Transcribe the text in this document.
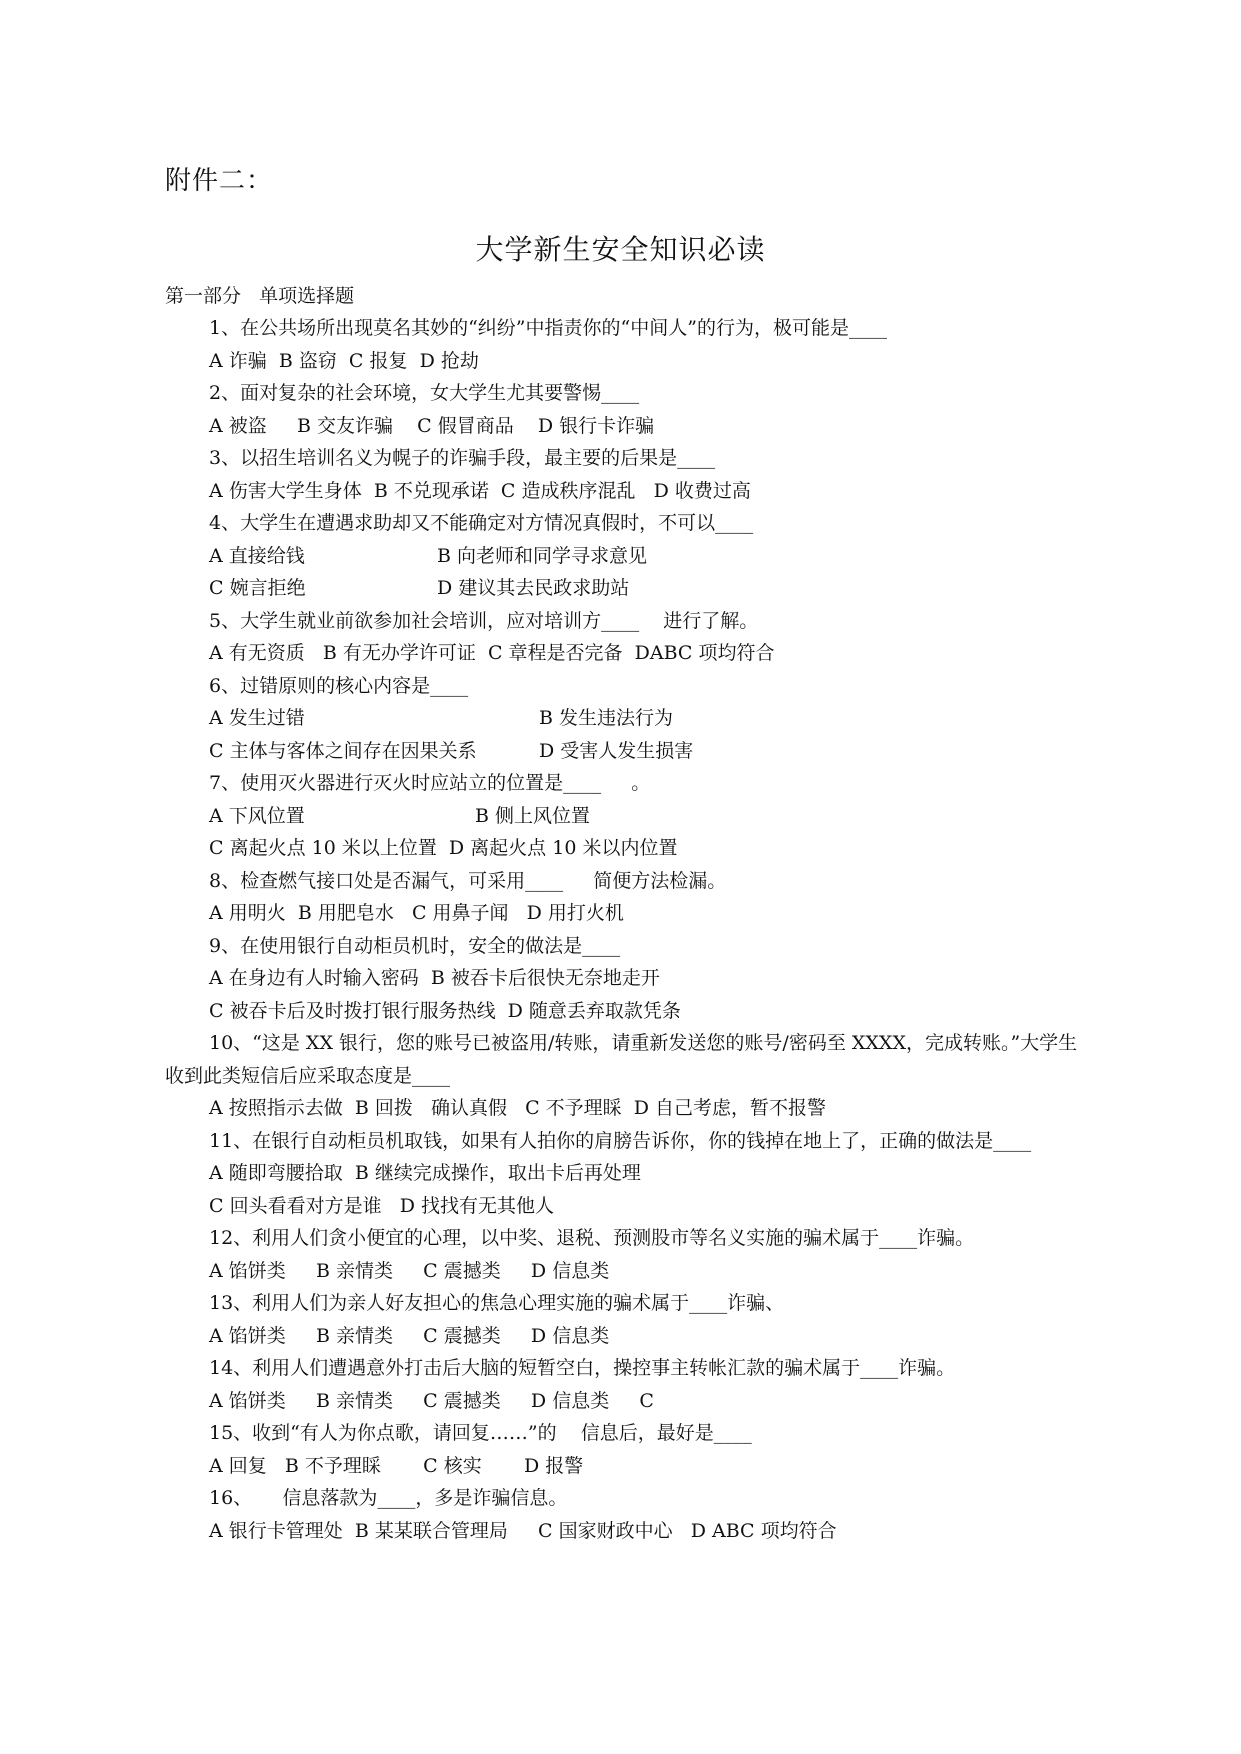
附件二：
大学新生安全知识必读
第一部分   单项选择题

1、在公共场所出现莫名其妙的“纠纷”中指责你的“中间人”的行为，极可能是____

A 诈骗  B 盗窃  C 报复  D 抢劫

2、面对复杂的社会环境，女大学生尤其要警惕____

A 被盗     B 交友诈骗    C 假冒商品    D 银行卡诈骗

3、以招生培训名义为幌子的诈骗手段，最主要的后果是____

A 伤害大学生身体  B 不兑现承诺  C 造成秩序混乱   D 收费过高

4、大学生在遭遇求助却又不能确定对方情况真假时，不可以____

A 直接给钱	B 向老师和同学寻求意见
C 婉言拒绝	D 建议其去民政求助站

5、大学生就业前欲参加社会培训，应对培训方____    进行了解。

A 有无资质   B 有无办学许可证  C 章程是否完备  DABC 项均符合

6、过错原则的核心内容是____

A 发生过错	B 发生违法行为
C 主体与客体之间存在因果关系	D 受害人发生损害

7、使用灭火器进行灭火时应站立的位置是____     。

A 下风位置	B 侧上风位置

C 离起火点 10 米以上位置  D 离起火点 10 米以内位置

8、检查燃气接口处是否漏气，可采用____     简便方法检漏。

A 用明火  B 用肥皂水   C 用鼻子闻   D 用打火机

9、在使用银行自动柜员机时，安全的做法是____

A 在身边有人时输入密码  B 被吞卡后很快无奈地走开

C 被吞卡后及时拨打银行服务热线  D 随意丢弃取款凭条

10、“这是 XX 银行，您的账号已被盗用/转账，请重新发送您的账号/密码至 XXXX，完成转账。”大学生收到此类短信后应采取态度是____

A 按照指示去做  B 回拨   确认真假   C 不予理睬  D 自己考虑，暂不报警

11、在银行自动柜员机取钱，如果有人拍你的肩膀告诉你，你的钱掉在地上了，正确的做法是____

A 随即弯腰拾取  B 继续完成操作，取出卡后再处理

C 回头看看对方是谁   D 找找有无其他人

12、利用人们贪小便宜的心理，以中奖、退税、预测股市等名义实施的骗术属于____诈骗。

A 馅饼类     B 亲情类     C 震撼类     D 信息类

13、利用人们为亲人好友担心的焦急心理实施的骗术属于____诈骗、

A 馅饼类     B 亲情类     C 震撼类     D 信息类

14、利用人们遭遇意外打击后大脑的短暂空白，操控事主转帐汇款的骗术属于____诈骗。

A 馅饼类     B 亲情类     C 震撼类     D 信息类     C

15、收到“有人为你点歌，请回复……”的    信息后，最好是____

A 回复   B 不予理睬       C 核实       D 报警

16、     信息落款为____，多是诈骗信息。

A 银行卡管理处  B 某某联合管理局     C 国家财政中心   D ABC 项均符合
